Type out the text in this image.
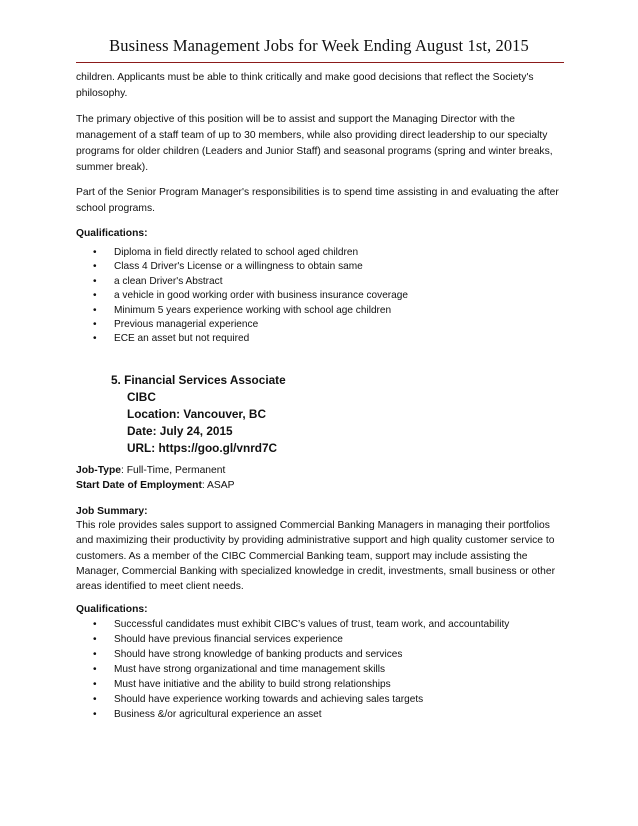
Business Management Jobs for Week Ending August 1st, 2015

children. Applicants must be able to think critically and make good decisions that reflect the Society's philosophy.

The primary objective of this position will be to assist and support the Managing Director with the management of a staff team of up to 30 members, while also providing direct leadership to our specialty programs for older children (Leaders and Junior Staff) and seasonal programs (spring and winter breaks, summer break).

Part of the Senior Program Manager's responsibilities is to spend time assisting in and evaluating the after school programs.

Qualifications:

• Diploma in field directly related to school aged children
• Class 4 Driver's License or a willingness to obtain same
• a clean Driver's Abstract
• a vehicle in good working order with business insurance coverage
• Minimum 5 years experience working with school age children
• Previous managerial experience
• ECE an asset but not required
5. Financial Services Associate
CIBC
Location: Vancouver, BC
Date: July 24, 2015
URL: https://goo.gl/vnrd7C

Job-Type: Full-Time, Permanent

Start Date of Employment: ASAP

Job Summary:

This role provides sales support to assigned Commercial Banking Managers in managing their portfolios and maximizing their productivity by providing administrative support and high quality customer service to customers. As a member of the CIBC Commercial Banking team, support may include assisting the Manager, Commercial Banking with specialized knowledge in credit, investments, small business or other areas identified to meet client needs.

Qualifications:

• Successful candidates must exhibit CIBC’s values of trust, team work, and accountability
• Should have previous financial services experience
• Should have strong knowledge of banking products and services
• Must have strong organizational and time management skills
• Must have initiative and the ability to build strong relationships
• Should have experience working towards and achieving sales targets
• Business &/or agricultural experience an asset
